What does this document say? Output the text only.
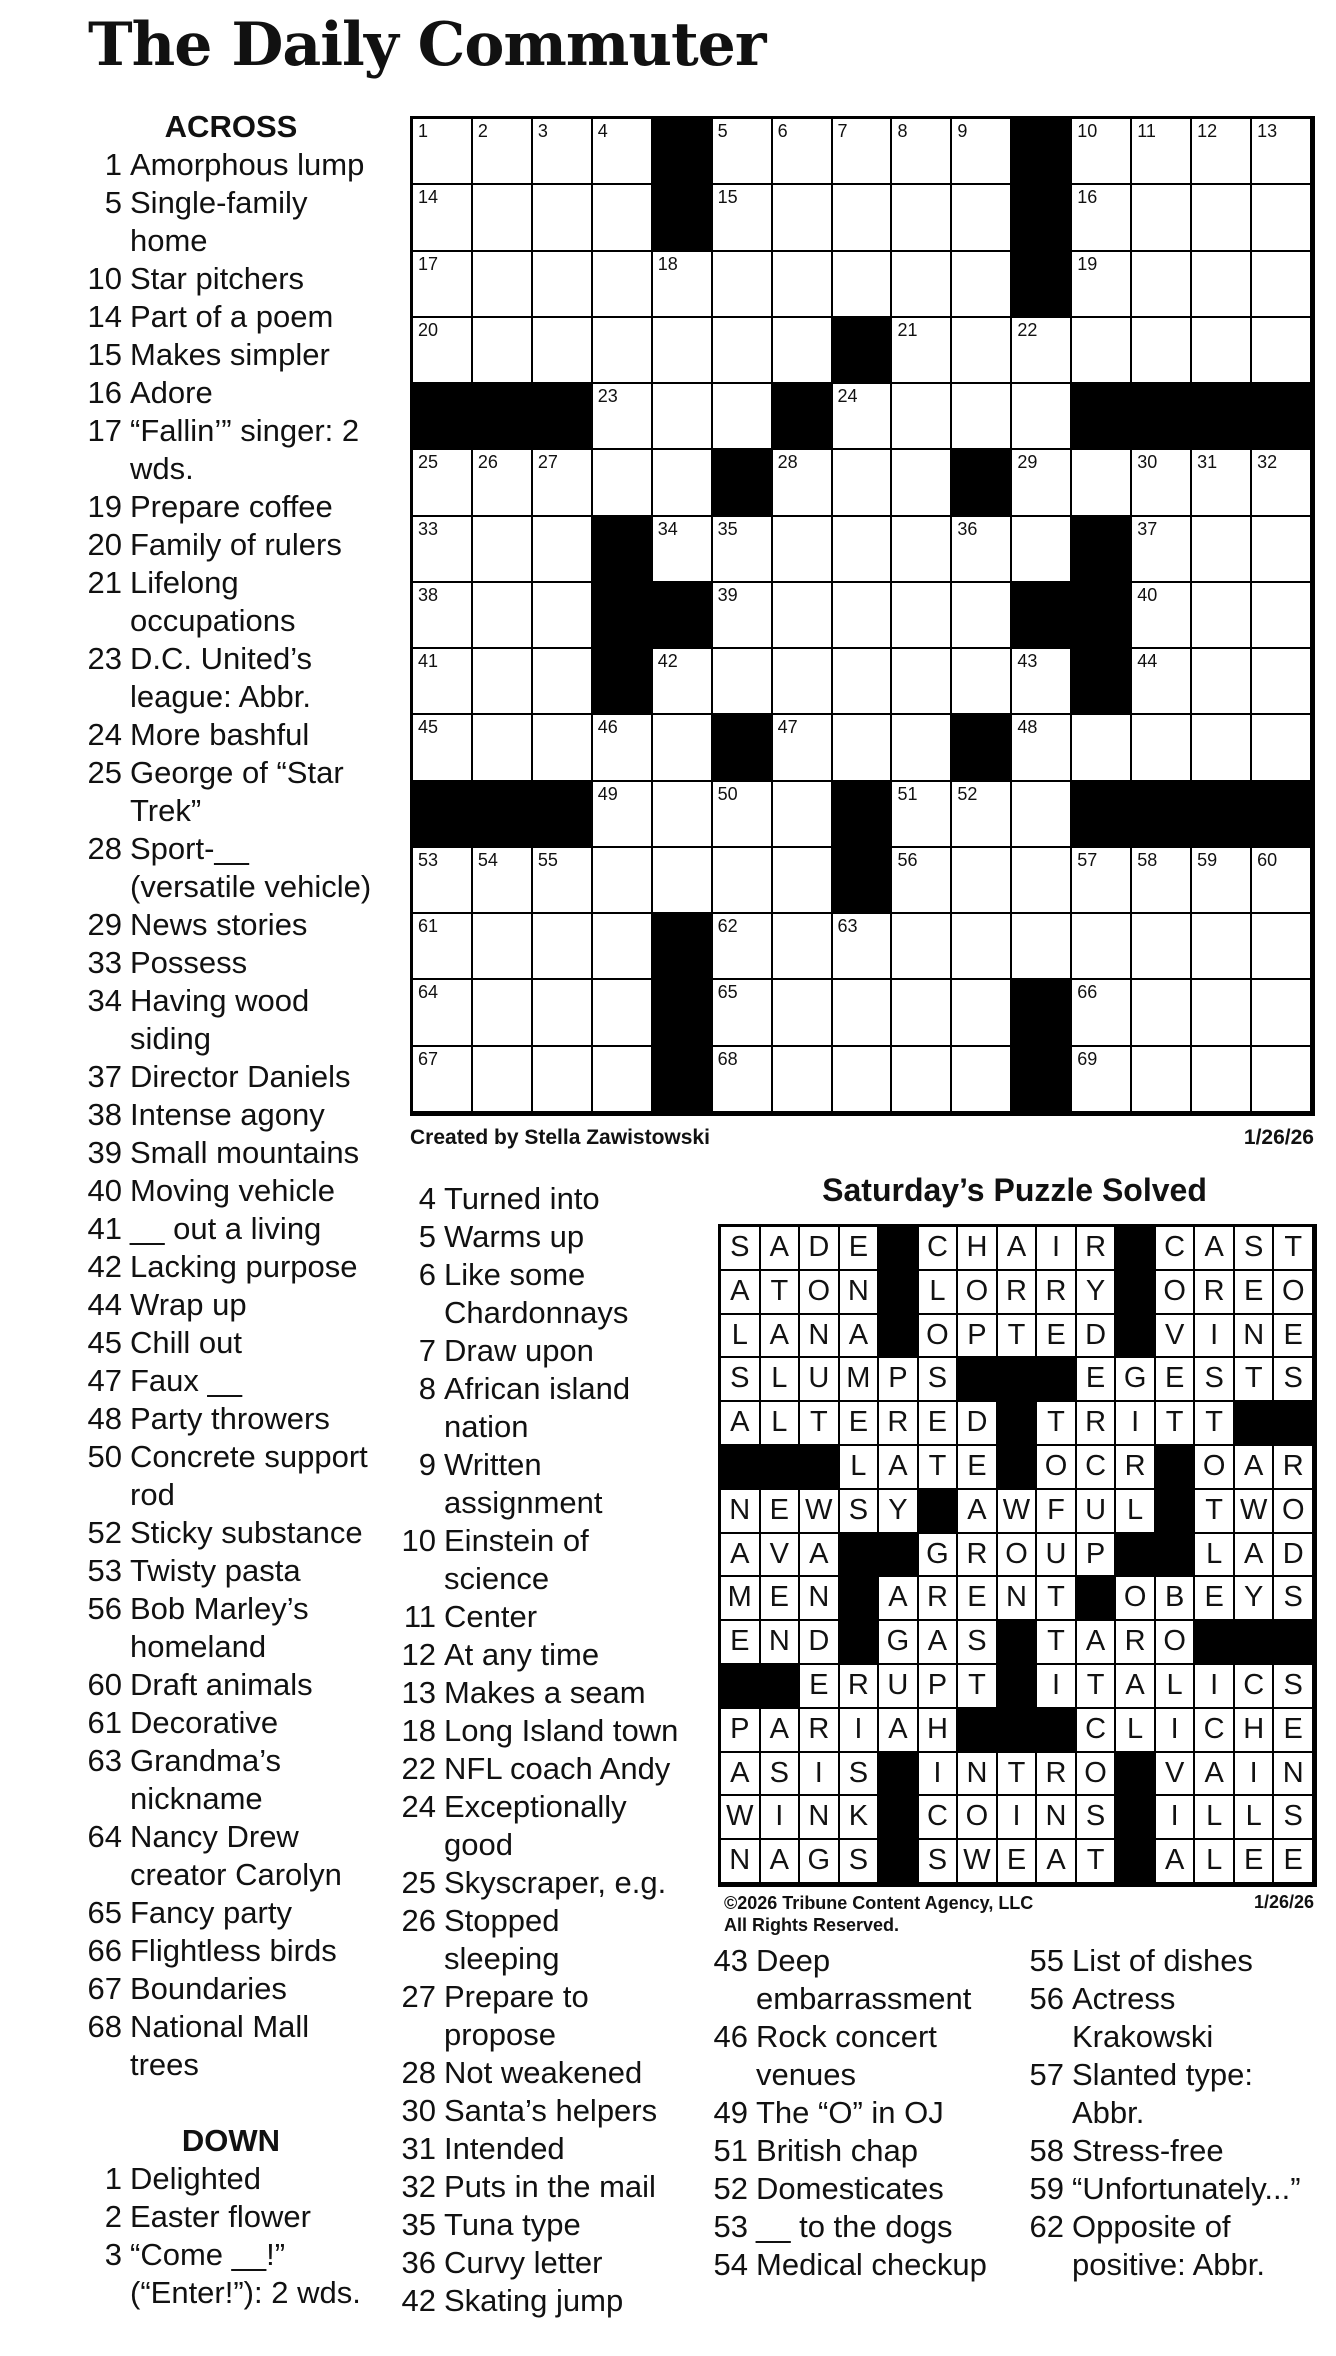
The Daily Commuter
ACROSS
1 Amorphous lump
5 Single-family
home
10 Star pitchers
14 Part of a poem
15 Makes simpler
16 Adore
17 “Fallin’” singer: 2
wds.
19 Prepare coffee
20 Family of rulers
21 Lifelong
occupations
23 D.C. United’s
league: Abbr.
24 More bashful
25 George of “Star
Trek”
28 Sport-__
(versatile vehicle)
29 News stories
33 Possess
34 Having wood
siding
37 Director Daniels
38 Intense agony
39 Small mountains
40 Moving vehicle
41 __ out a living
42 Lacking purpose
44 Wrap up
45 Chill out
47 Faux __
48 Party throwers
50 Concrete support
rod
52 Sticky substance
53 Twisty pasta
56 Bob Marley’s
homeland
60 Draft animals
61 Decorative
63 Grandma’s
nickname
64 Nancy Drew
creator Carolyn
65 Fancy party
66 Flightless birds
67 Boundaries
68 National Mall
trees
DOWN
1 Delighted
2 Easter flower
3 “Come __!”
(“Enter!”): 2 wds.
4 Turned into
5 Warms up
6 Like some
Chardonnays
7 Draw upon
8 African island
nation
9 Written
assignment
10 Einstein of
science
11 Center
12 At any time
13 Makes a seam
18 Long Island town
22 NFL coach Andy
24 Exceptionally
good
25 Skyscraper, e.g.
26 Stopped
sleeping
27 Prepare to
propose
28 Not weakened
30 Santa’s helpers
31 Intended
32 Puts in the mail
35 Tuna type
36 Curvy letter
42 Skating jump
43 Deep
embarrassment
46 Rock concert
venues
49 The “O” in OJ
51 British chap
52 Domesticates
53 __ to the dogs
54 Medical checkup
55 List of dishes
56 Actress
Krakowski
57 Slanted type:
Abbr.
58 Stress-free
59 “Unfortunately...”
62 Opposite of
positive: Abbr.
1	2	3	4	5	6	7	8	9	10 11 12 13
14	15	16
17	18	19
20	21	22
23	24
25 26 27	28	29	30 31 32
33	34 35	36	37
38	39	40
41	42	43	44
45	46	47	48
49	50	51 52
53 54 55	56	57 58 59 60
61	62	63
64	65	66
67	68	69
Created by Stella Zawistowski	1/26/26
Saturday’s Puzzle Solved
S A D E	C H A I R	C A S T
A T O N	L O R R Y	O R E O
L A N A	O P T E D	V I N E
S L U M P S	E G E S T S
A L T E R E D	T R I T T
L A T E	O C R	O A R
N E W S Y	A W F U L	T W O
A V A	G R O U P	L A D
M E N	A R E N T	O B E Y S
E N D	G A S	T A R O
E R U P T	I T A L I C S
P A R I A H	C L I C H E
A S I S	I N T R O	V A I N
W I N K	C O I N S	I L L S
N A G S	S W E A T	A L E E
©2026 Tribune Content Agency, LLC
All Rights Reserved.
1/26/26
